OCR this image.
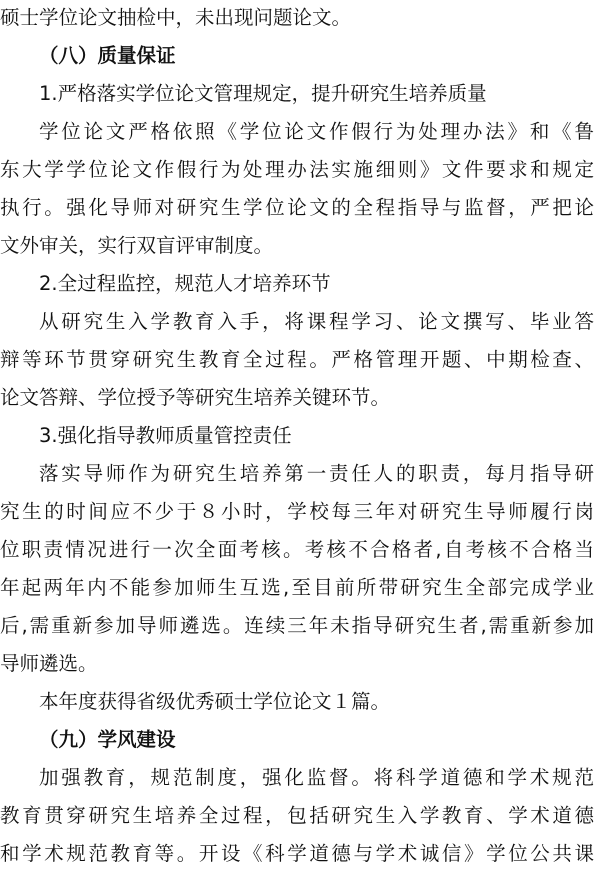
硕士学位论文抽检中，未出现问题论文。
（八）质量保证
1.严格落实学位论文管理规定，提升研究生培养质量
学位论文严格依照《学位论文作假行为处理办法》和《鲁
东大学学位论文作假行为处理办法实施细则》文件要求和规定
执行。强化导师对研究生学位论文的全程指导与监督，严把论
文外审关，实行双盲评审制度。
2.全过程监控，规范人才培养环节
从研究生入学教育入手，将课程学习、论文撰写、毕业答
辩等环节贯穿研究生教育全过程。严格管理开题、中期检查、
论文答辩、学位授予等研究生培养关键环节。
3.强化指导教师质量管控责任
落实导师作为研究生培养第一责任人的职责，每月指导研
究生的时间应不少于８小时，学校每三年对研究生导师履行岗
位职责情况进行一次全面考核。考核不合格者,自考核不合格当
年起两年内不能参加师生互选,至目前所带研究生全部完成学业
后,需重新参加导师遴选。连续三年未指导研究生者,需重新参加
导师遴选。
本年度获得省级优秀硕士学位论文１篇。
（九）学风建设
加强教育，规范制度，强化监督。将科学道德和学术规范
教育贯穿研究生培养全过程，包括研究生入学教育、学术道德
和学术规范教育等。开设《科学道德与学术诚信》学位公共课
